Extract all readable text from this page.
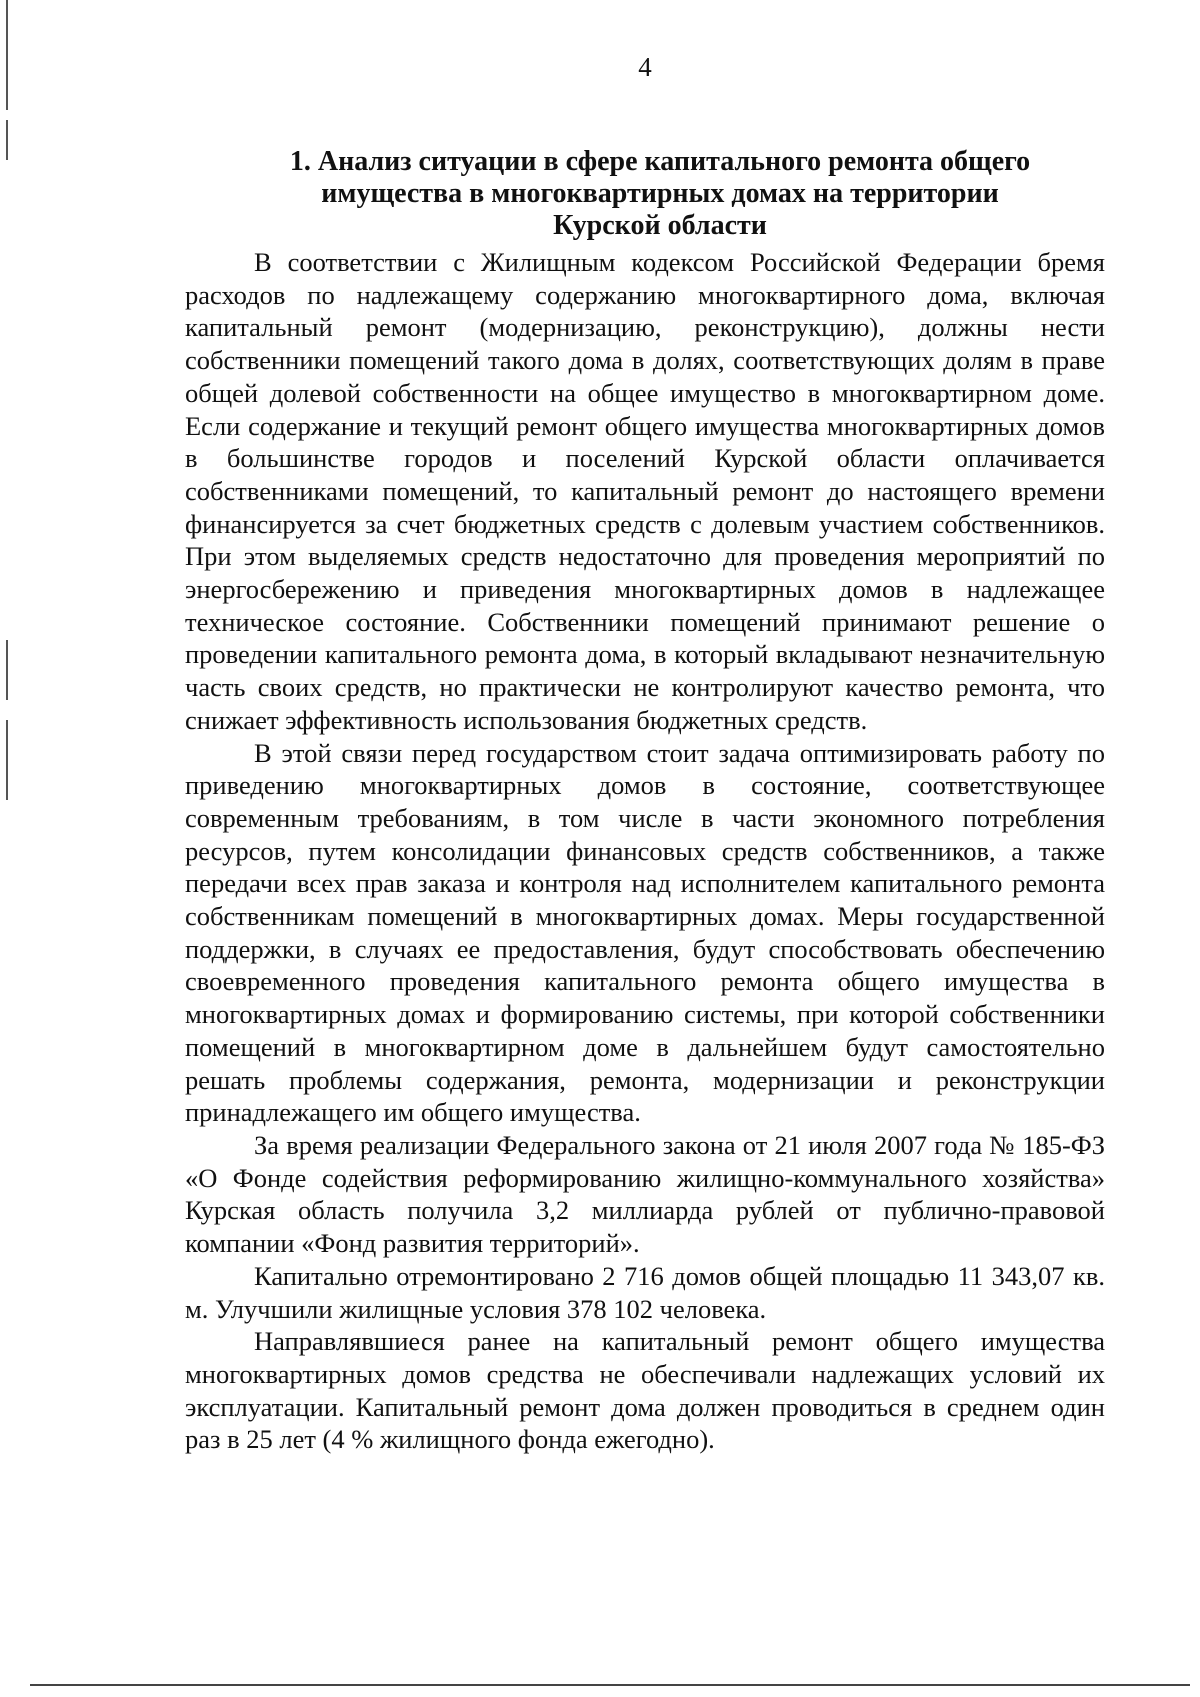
4
1. Анализ ситуации в сфере капитального ремонта общего
имущества в многоквартирных домах на территории
Курской области

В соответствии с Жилищным кодексом Российской Федерации бремя расходов по надлежащему содержанию многоквартирного дома, включая капитальный ремонт (модернизацию, реконструкцию), должны нести собственники помещений такого дома в долях, соответствующих долям в праве общей долевой собственности на общее имущество в многоквартирном доме. Если содержание и текущий ремонт общего имущества многоквартирных домов в большинстве городов и поселений Курской области оплачивается собственниками помещений, то капитальный ремонт до настоящего времени финансируется за счет бюджетных средств с долевым участием собственников. При этом выделяемых средств недостаточно для проведения мероприятий по энергосбережению и приведения многоквартирных домов в надлежащее техническое состояние. Собственники помещений принимают решение о проведении капитального ремонта дома, в который вкладывают незначительную часть своих средств, но практически не контролируют качество ремонта, что снижает эффективность использования бюджетных средств.

В этой связи перед государством стоит задача оптимизировать работу по приведению многоквартирных домов в состояние, соответствующее современным требованиям, в том числе в части экономного потребления ресурсов, путем консолидации финансовых средств собственников, а также передачи всех прав заказа и контроля над исполнителем капитального ремонта собственникам помещений в многоквартирных домах. Меры государственной поддержки, в случаях ее предоставления, будут способствовать обеспечению своевременного проведения капитального ремонта общего имущества в многоквартирных домах и формированию системы, при которой собственники помещений в многоквартирном доме в дальнейшем будут самостоятельно решать проблемы содержания, ремонта, модернизации и реконструкции принадлежащего им общего имущества.

За время реализации Федерального закона от 21 июля 2007 года № 185-ФЗ «О Фонде содействия реформированию жилищно-коммунального хозяйства» Курская область получила 3,2 миллиарда рублей от публично-правовой компании «Фонд развития территорий».

Капитально отремонтировано 2 716 домов общей площадью 11 343,07 кв. м. Улучшили жилищные условия 378 102 человека.

Направлявшиеся ранее на капитальный ремонт общего имущества многоквартирных домов средства не обеспечивали надлежащих условий их эксплуатации. Капитальный ремонт дома должен проводиться в среднем один раз в 25 лет (4 % жилищного фонда ежегодно).
